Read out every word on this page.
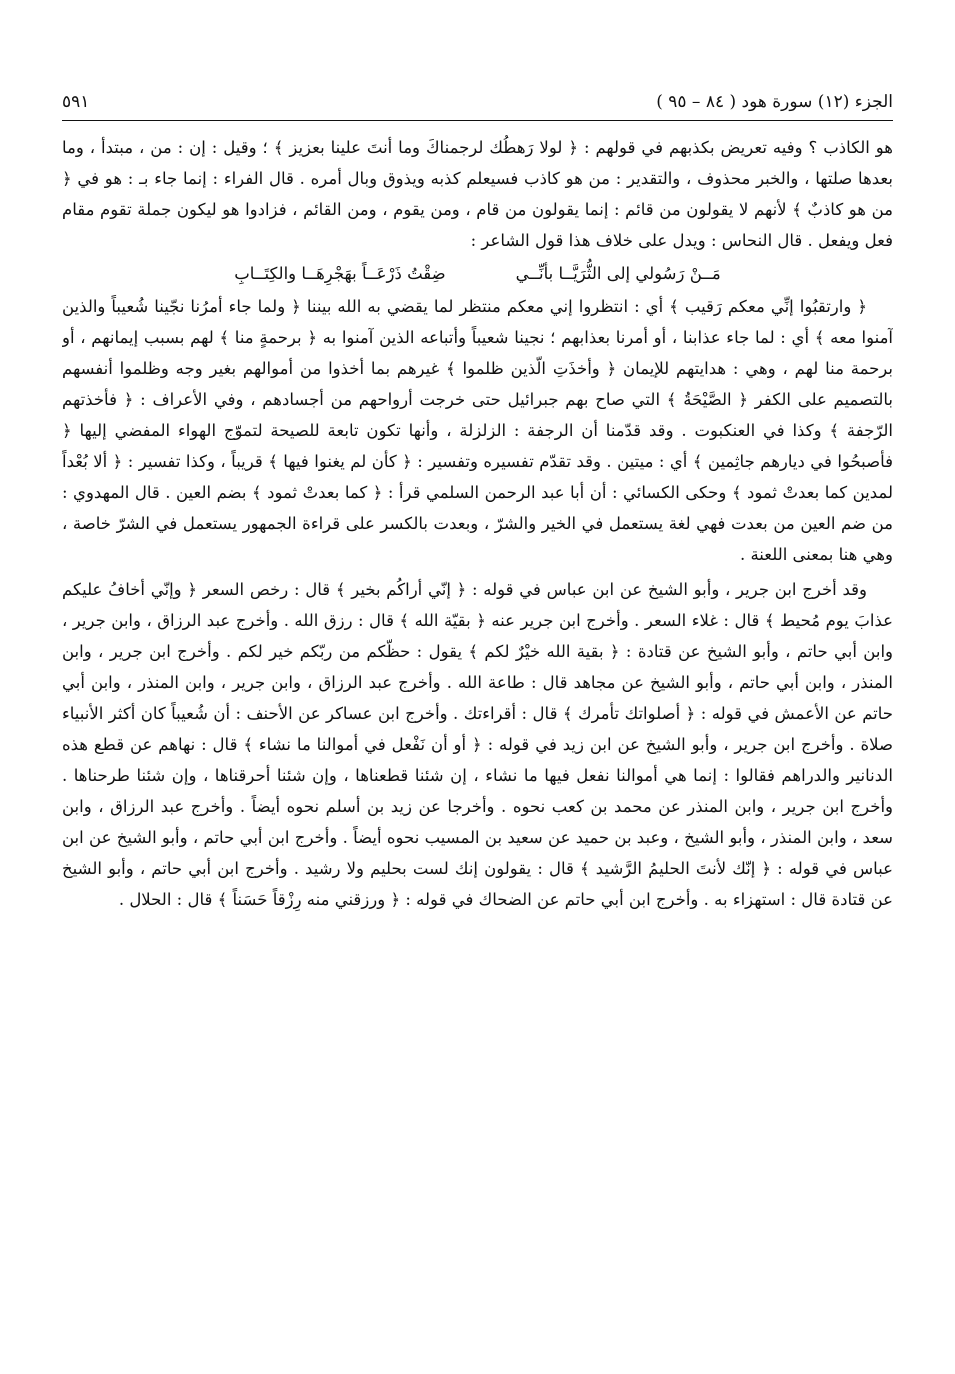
الجزء (١٢) سورة هود ( ٨٤ – ٩٥ )
٥٩١

هو الكاذب ؟ وفيه تعريض بكذبهم في قولهم : ﴿ لولا رَهطُك لرجمناكَ وما أنتَ علينا بعزيز ﴾ ؛ وقيل : إن : من ، مبتدأ ، وما بعدها صلتها ، والخبر محذوف ، والتقدير : من هو كاذب فسيعلم كذبه ويذوق وبال أمره . قال الفراء : إنما جاء بـ : هو في ﴿ من هو كاذبٌ ﴾ لأنهم لا يقولون من قائم : إنما يقولون من قام ، ومن يقوم ، ومن القائم ، فزادوا هو ليكون جملة تقوم مقام فعل ويفعل . قال النحاس : ويدل على خلاف هذا قول الشاعر :

مَــنْ رَسُولي إلى الثُّرَيَّــا بأنِّــي
ضِقْتُ ذَرْعَــاً بهَجْرِهَــا والكِتَــابِ

﴿ وارتقبُوا إنِّي معكم رَقيب ﴾ أي : انتظروا إني معكم منتظر لما يقضي به الله بيننا ﴿ ولما جاء أمرُنا نجّينا شُعيباً والذين آمنوا معه ﴾ أي : لما جاء عذابنا ، أو أمرنا بعذابهم ؛ نجينا شعيباً وأتباعه الذين آمنوا به ﴿ برحمةٍ منا ﴾ لهم بسبب إيمانهم ، أو برحمة منا لهم ، وهي : هدايتهم للإيمان ﴿ وأخذَتِ الّذين ظلموا ﴾ غيرهم بما أخذوا من أموالهم بغير وجه وظلموا أنفسهم بالتصميم على الكفر ﴿ الصَّيْحَةُ ﴾ التي صاح بهم جبرائيل حتى خرجت أرواحهم من أجسادهم ، وفي الأعراف : ﴿ فأخذتهم الرّجفة ﴾ وكذا في العنكبوت . وقد قدّمنا أن الرجفة : الزلزلة ، وأنها تكون تابعة للصيحة لتموّج الهواء المفضي إليها ﴿ فأصبحُوا في ديارهم جاثِمين ﴾ أي : ميتين . وقد تقدّم تفسيره وتفسير : ﴿ كأن لم يغنوا فيها ﴾ قريباً ، وكذا تفسير : ﴿ ألا بُعْداً لمدين كما بعدتْ ثمود ﴾ وحكى الكسائي : أن أبا عبد الرحمن السلمي قرأ : ﴿ كما بعدتْ ثمود ﴾ بضم العين . قال المهدوي : من ضم العين من بعدت فهي لغة يستعمل في الخير والشرّ ، وبعدت بالكسر على قراءة الجمهور يستعمل في الشرّ خاصة ، وهي هنا بمعنى اللعنة .

وقد أخرج ابن جرير ، وأبو الشيخ عن ابن عباس في قوله : ﴿ إنّي أراكُم بخير ﴾ قال : رخص السعر ﴿ وإنّي أخافُ عليكم عذابَ يوم مُحيط ﴾ قال : غلاء السعر . وأخرج ابن جرير عنه ﴿ بقيّة الله ﴾ قال : رزق الله . وأخرج عبد الرزاق ، وابن جرير ، وابن أبي حاتم ، وأبو الشيخ عن قتادة : ﴿ بقية الله خيْرٌ لكم ﴾ يقول : حظّكم من ربّكم خير لكم . وأخرج ابن جرير ، وابن المنذر ، وابن أبي حاتم ، وأبو الشيخ عن مجاهد قال : طاعة الله . وأخرج عبد الرزاق ، وابن جرير ، وابن المنذر ، وابن أبي حاتم عن الأعمش في قوله : ﴿ أصلواتك تأمرك ﴾ قال : أقراءتك . وأخرج ابن عساكر عن الأحنف : أن شُعيباً كان أكثر الأنبياء صلاة . وأخرج ابن جرير ، وأبو الشيخ عن ابن زيد في قوله : ﴿ أو أن نَفْعل في أموالنا ما نشاء ﴾ قال : نهاهم عن قطع هذه الدنانير والدراهم فقالوا : إنما هي أموالنا نفعل فيها ما نشاء ، إن شئنا قطعناها ، وإن شئنا أحرقناها ، وإن شئنا طرحناها . وأخرج ابن جرير ، وابن المنذر عن محمد بن كعب نحوه . وأخرجا عن زيد بن أسلم نحوه أيضاً . وأخرج عبد الرزاق ، وابن سعد ، وابن المنذر ، وأبو الشيخ ، وعبد بن حميد عن سعيد بن المسيب نحوه أيضاً . وأخرج ابن أبي حاتم ، وأبو الشيخ عن ابن عباس في قوله : ﴿ إنّك لأنتَ الحليمُ الرَّشيد ﴾ قال : يقولون إنك لست بحليم ولا رشيد . وأخرج ابن أبي حاتم ، وأبو الشيخ عن قتادة قال : استهزاء به . وأخرج ابن أبي حاتم عن الضحاك في قوله : ﴿ ورزقني منه رِزْقاً حَسَناً ﴾ قال : الحلال .
